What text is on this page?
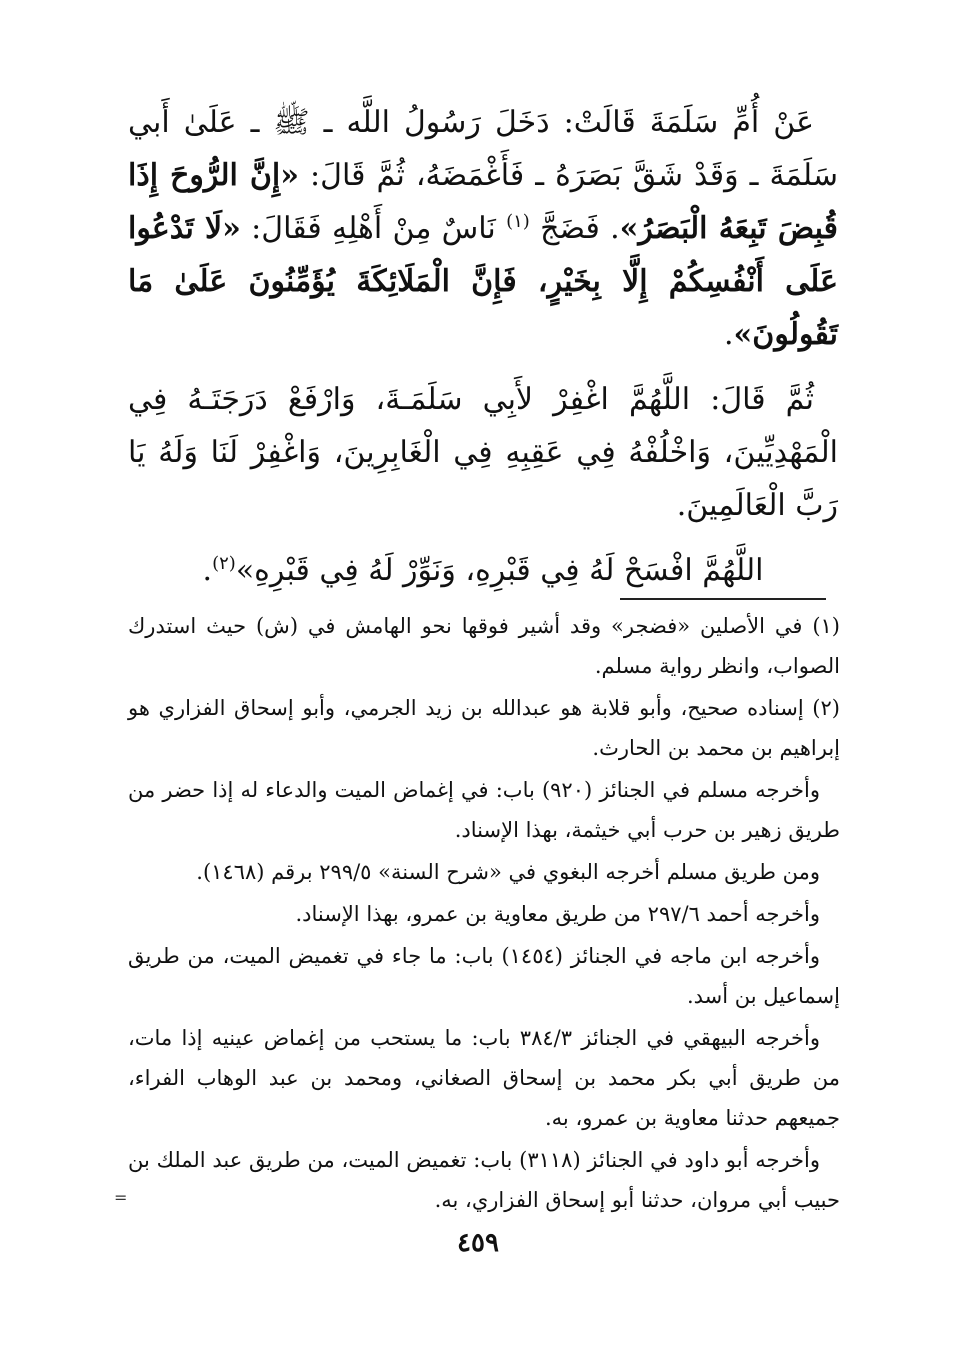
عَنْ أُمِّ سَلَمَةَ قَالَتْ: دَخَلَ رَسُولُ اللَّه ـ ﷺ ـ عَلَىٰ أَبي سَلَمَةَ ـ وَقَدْ شَقَّ بَصَرَهُ ـ فَأَغْمَضَهُ، ثُمَّ قَالَ: «إِنَّ الرُّوحَ إِذَا قُبِضَ تَبِعَهُ الْبَصَرُ». فَضَجَّ $^{(١)}$ نَاسٌ مِنْ أَهْلِهِ فَقَالَ: «لَا تَدْعُوا عَلَى أَنْفُسِكُمْ إِلَّا بِخَيْرٍ، فَإِنَّ الْمَلَائِكَةَ يُؤَمِّنُونَ عَلَىٰ مَا تَقُولُونَ».

ثُمَّ قَالَ: اللَّهُمَّ اغْفِرْ لأَبِي سَلَمَـةَ، وَارْفَعْ دَرَجَتَـهُ فِي الْمَهْدِيِّينَ، وَاخْلُفْهُ فِي عَقِبِهِ فِي الْغَابِرِينَ، وَاغْفِرْ لَنَا وَلَهُ يَا رَبَّ الْعَالَمِينَ.

اللَّهُمَّ افْسَحْ لَهُ فِي قَبْرِهِ، وَنَوِّرْ لَهُ فِي قَبْرِهِ»$^{(٢)}$.

(١) في الأصلين «فضجر» وقد أشير فوقها نحو الهامش في (ش) حيث استدرك الصواب، وانظر رواية مسلم.

(٢) إسناده صحيح، وأبو قلابة هو عبدالله بن زيد الجرمي، وأبو إسحاق الفزاري هو إبراهيم بن محمد بن الحارث.

وأخرجه مسلم في الجنائز (٩٢٠) باب: في إغماض الميت والدعاء له إذا حضر من طريق زهير بن حرب أبي خيثمة، بهذا الإسناد.

ومن طريق مسلم أخرجه البغوي في «شرح السنة» ٢٩٩/٥ برقم (١٤٦٨).

وأخرجه أحمد ٢٩٧/٦ من طريق معاوية بن عمرو، بهذا الإسناد.

وأخرجه ابن ماجه في الجنائز (١٤٥٤) باب: ما جاء في تغميض الميت، من طريق إسماعيل بن أسد.

وأخرجه البيهقي في الجنائز ٣٨٤/٣ باب: ما يستحب من إغماض عينيه إذا مات، من طريق أبي بكر محمد بن إسحاق الصغاني، ومحمد بن عبد الوهاب الفراء، جميعهم حدثنا معاوية بن عمرو، به.

وأخرجه أبو داود في الجنائز (٣١١٨) باب: تغميض الميت، من طريق عبد الملك بن حبيب أبي مروان، حدثنا أبو إسحاق الفزاري، به.

=
٤٥٩
